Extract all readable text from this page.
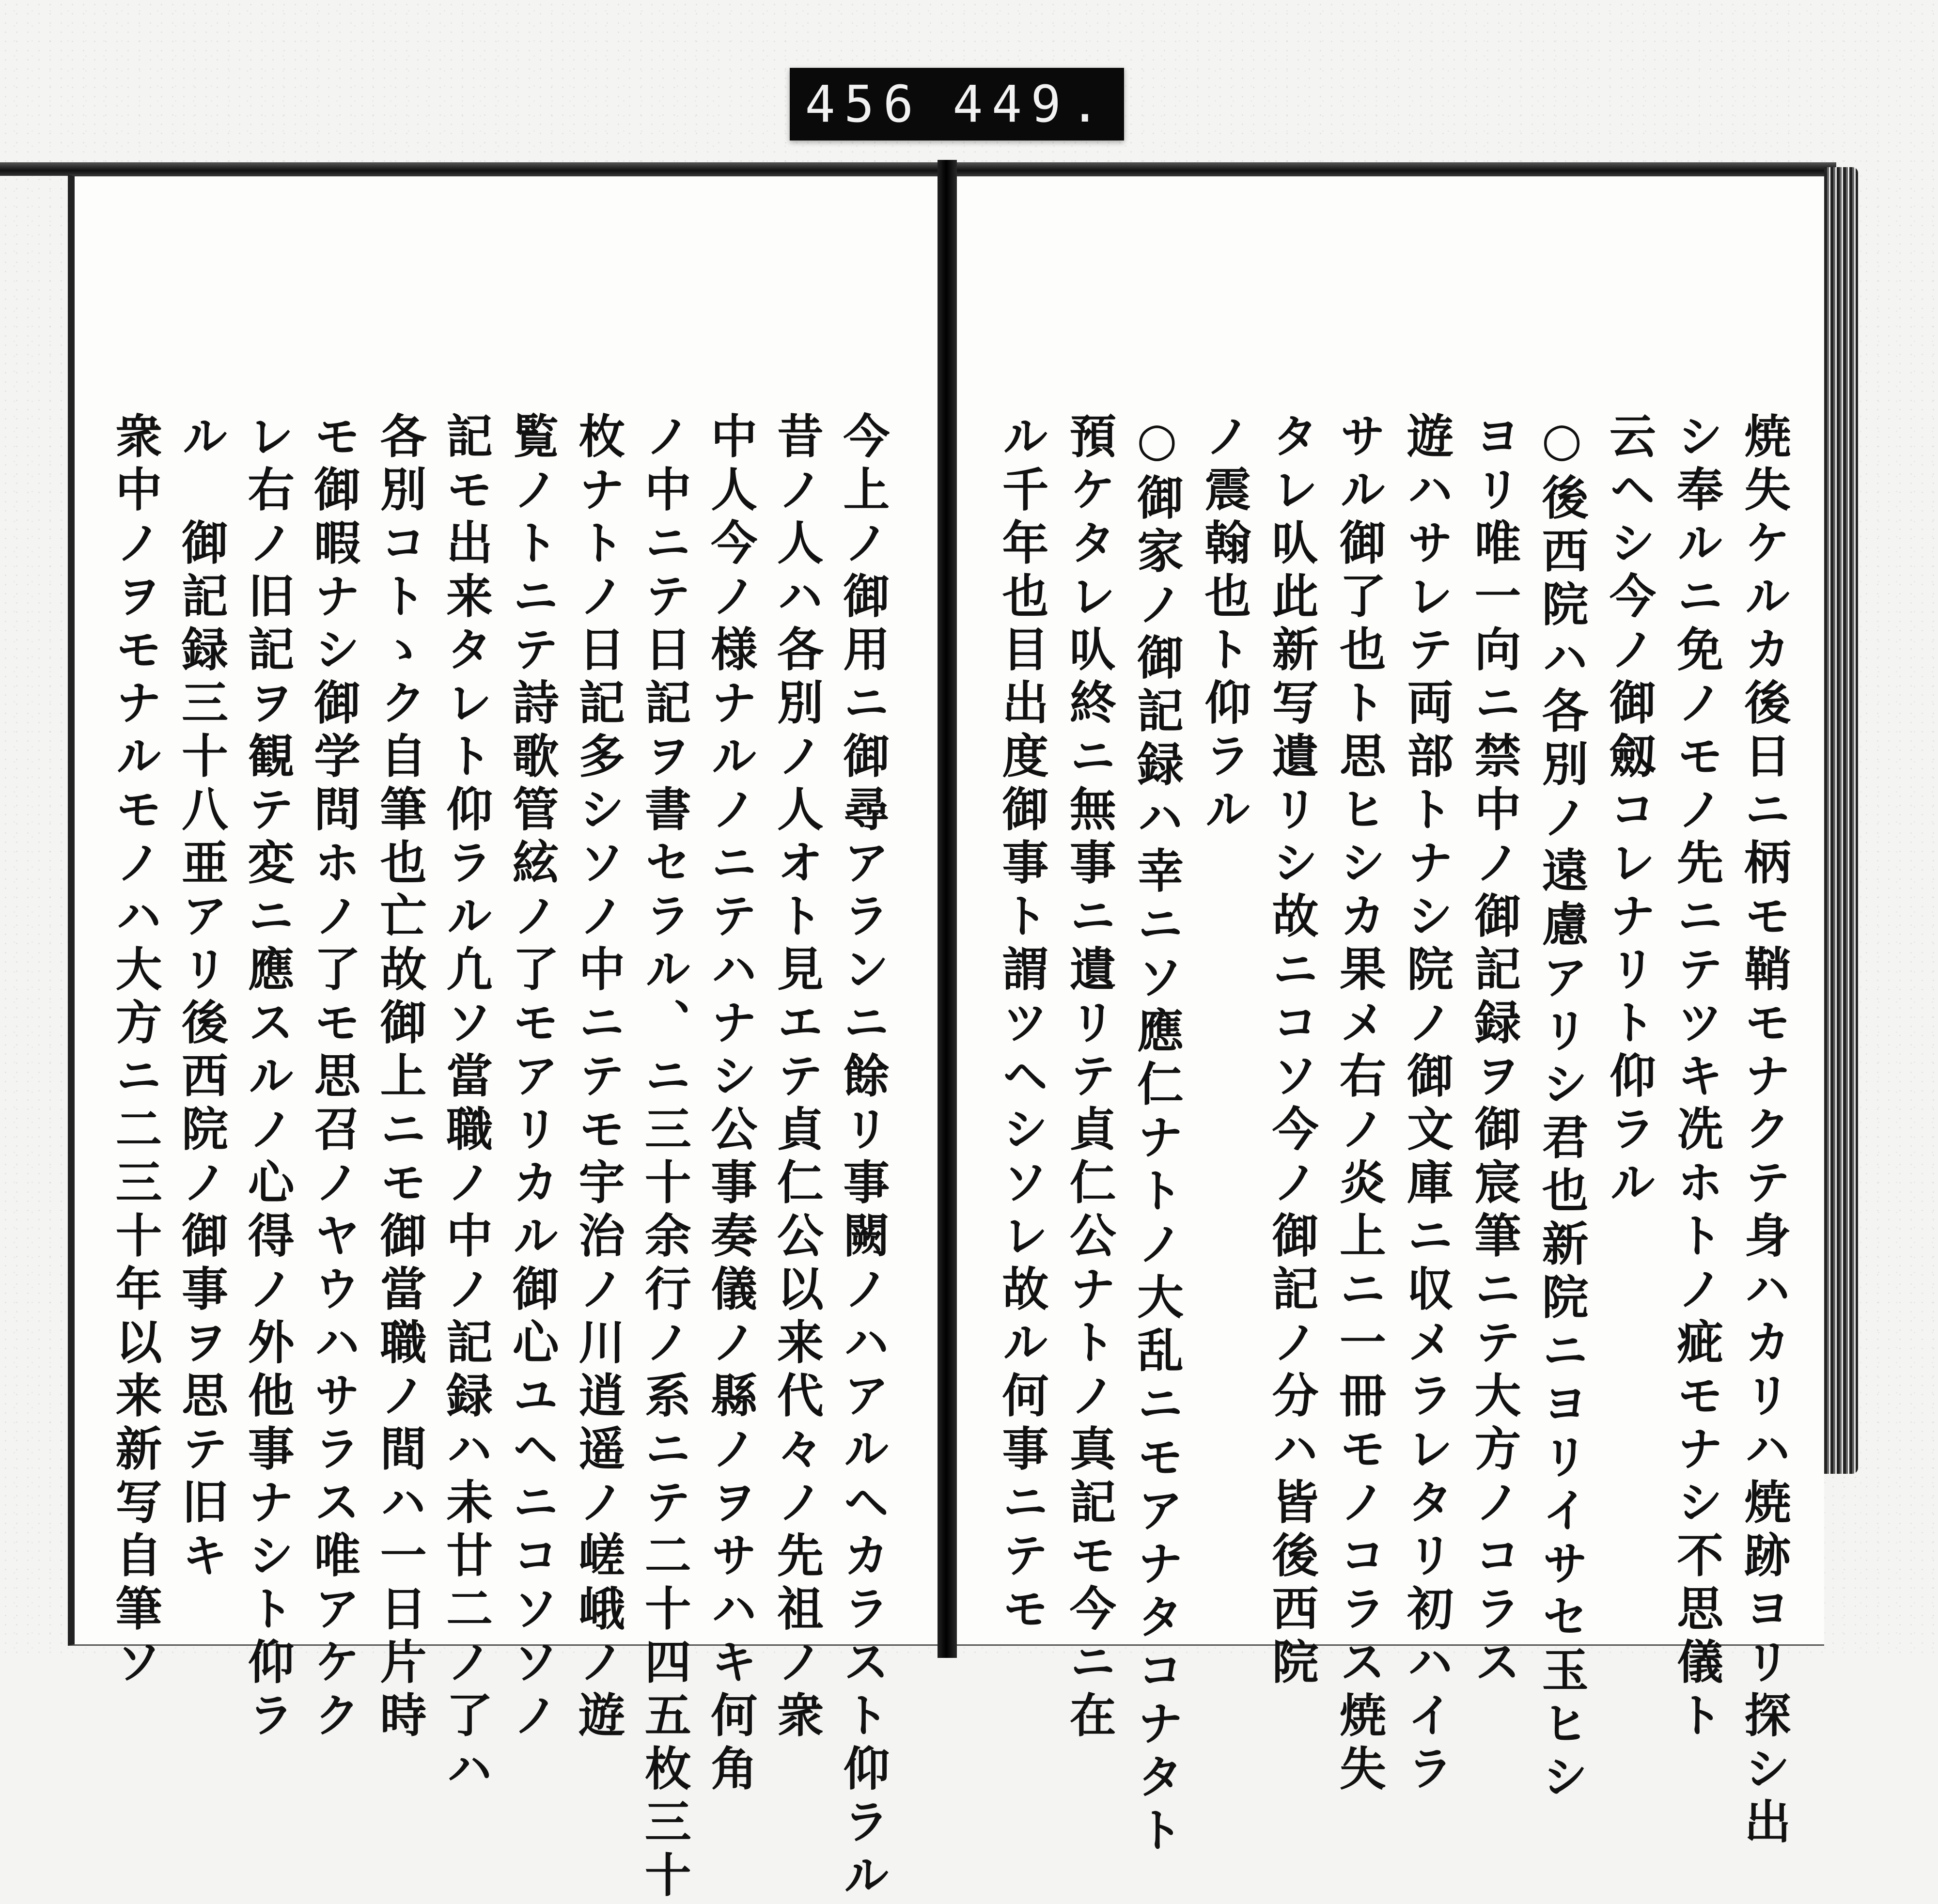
456 449.
焼失ケルカ後日ニ柄モ鞘モナクテ身ハカリハ焼跡ヨリ探シ出
シ奉ルニ免ノモノ先ニテツキ冼ホトノ疵モナシ不思儀ト
云ヘシ今ノ御劔コレナリト仰ラル
○後西院ハ各別ノ遠慮アリシ君也新院ニヨリイサセ玉ヒシ
ヨリ唯一向ニ禁中ノ御記録ヲ御宸筆ニテ大方ノコラス
遊ハサレテ両部トナシ院ノ御文庫ニ収メラレタリ初ハイラ
サル御了也ト思ヒシカ果メ右ノ炎上ニ一冊モノコラス焼失
タレ㕥此新写遺リシ故ニコソ今ノ御記ノ分ハ皆後西院
ノ震翰也ト仰ラル
○御家ノ御記録ハ幸ニソ應仁ナトノ大乱ニモアナタコナタト
預ケタレ㕥終ニ無事ニ遺リテ貞仁公ナトノ真記モ今ニ在
ル千年也目出度御事ト謂ツヘシソレ故ル何事ニテモ
今上ノ御用ニ御尋アランニ餘リ事闕ノハアルヘカラスト仰ラル
昔ノ人ハ各別ノ人オト見エテ貞仁公以来代々ノ先祖ノ衆
中人今ノ様ナルノニテハナシ公事奏儀ノ縣ノヲサハキ何角
ノ中ニテ日記ヲ書セラル、ニ三十余行ノ系ニテ二十四五枚三十
枚ナトノ日記多シソノ中ニテモ宇治ノ川逍遥ノ嵯峨ノ遊
覧ノトニテ詩歌管絃ノ了モアリカル御心ユヘニコソソノ
記モ出来タレト仰ラル凢ソ當職ノ中ノ記録ハ未廿二ノ了ハ
各別コトゝク自筆也亡故御上ニモ御當職ノ間ハ一日片時
モ御暇ナシ御学問ホノ了モ思召ノヤウハサラス唯アケク
レ右ノ旧記ヲ観テ変ニ應スルノ心得ノ外他事ナシト仰ラ
ル　御記録三十八亜アリ後西院ノ御事ヲ思テ旧キ
衆中ノヲモナルモノハ大方ニ二三十年以来新写自筆ソ
